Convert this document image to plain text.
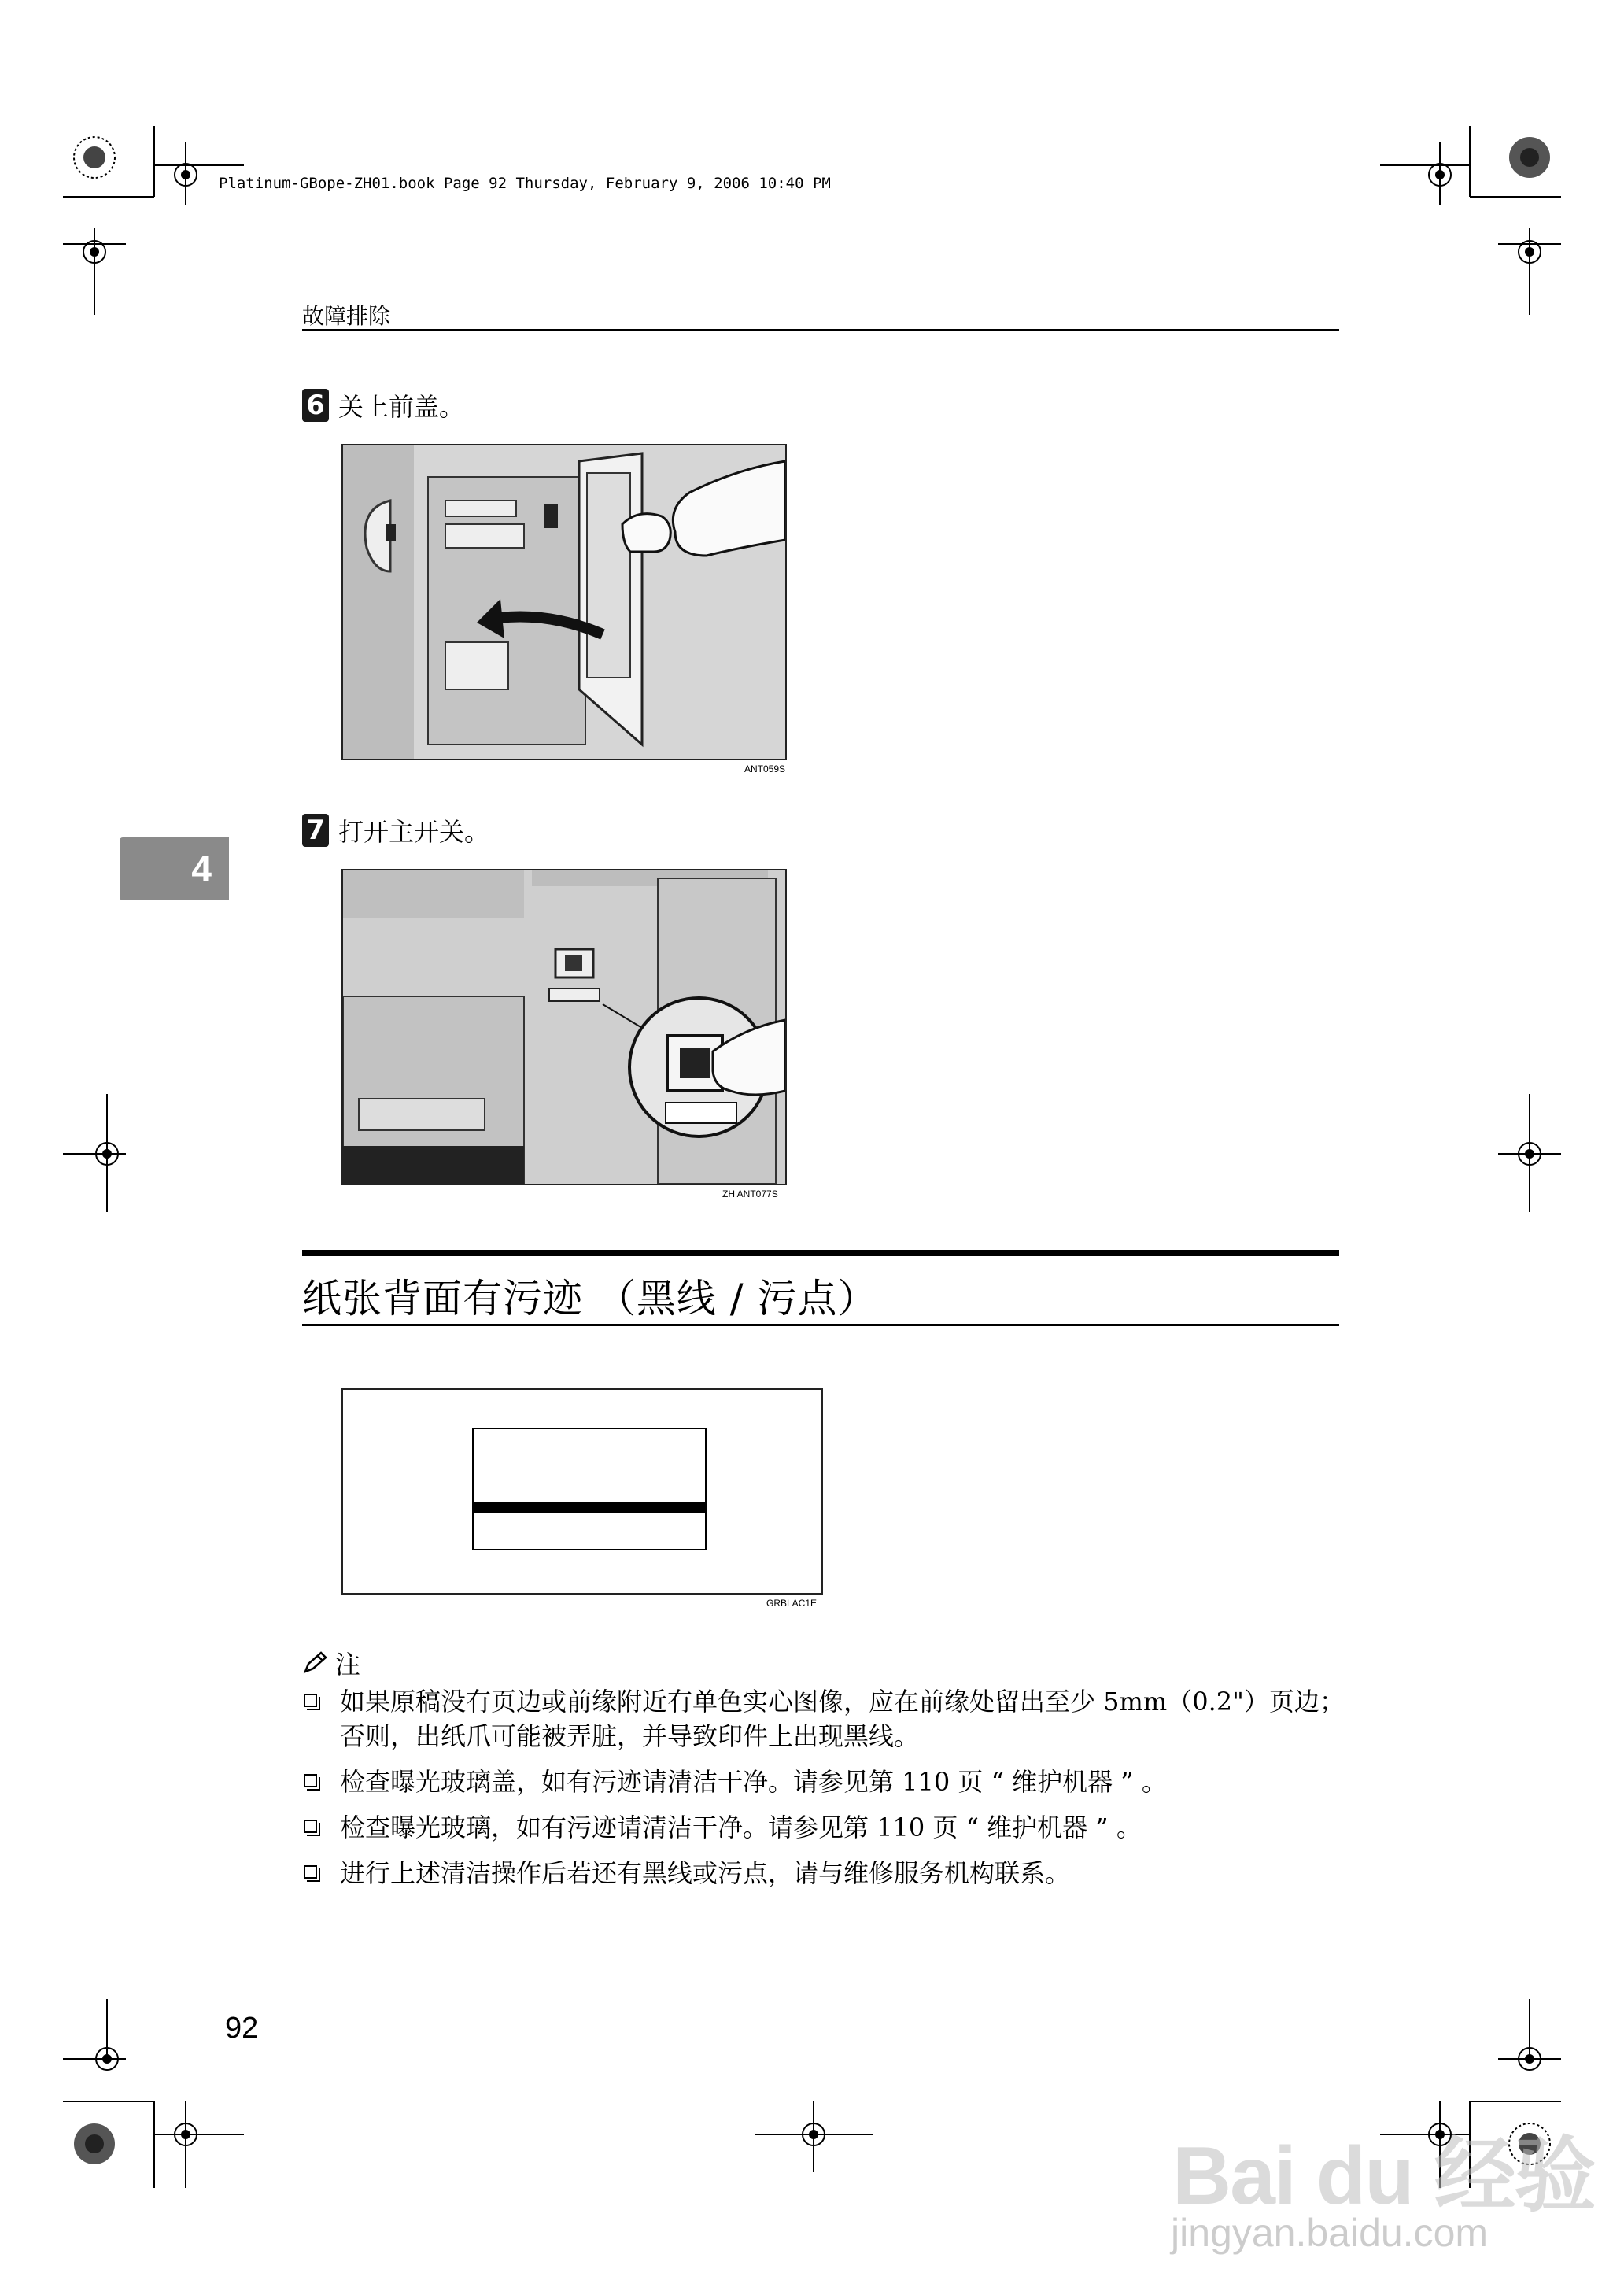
Platinum-GBope-ZH01.book Page 92 Thursday, February 9, 2006 10:40 PM
故障排除
6 关上前盖。
ANT059S
7 打开主开关。
ZH ANT077S
4
纸张背面有污迹 （黑线 / 污点）
GRBLAC1E
注
如果原稿没有页边或前缘附近有单色实心图像，应在前缘处留出至少 5mm（0.2"）页边；否则，出纸爪可能被弄脏，并导致印件上出现黑线。
检查曝光玻璃盖，如有污迹请清洁干净。请参见第 110 页 “ 维护机器 ” 。
检查曝光玻璃，如有污迹请清洁干净。请参见第 110 页 “ 维护机器 ” 。
进行上述清洁操作后若还有黑线或污点，请与维修服务机构联系。
92
Bai du 经验
jingyan.baidu.com
